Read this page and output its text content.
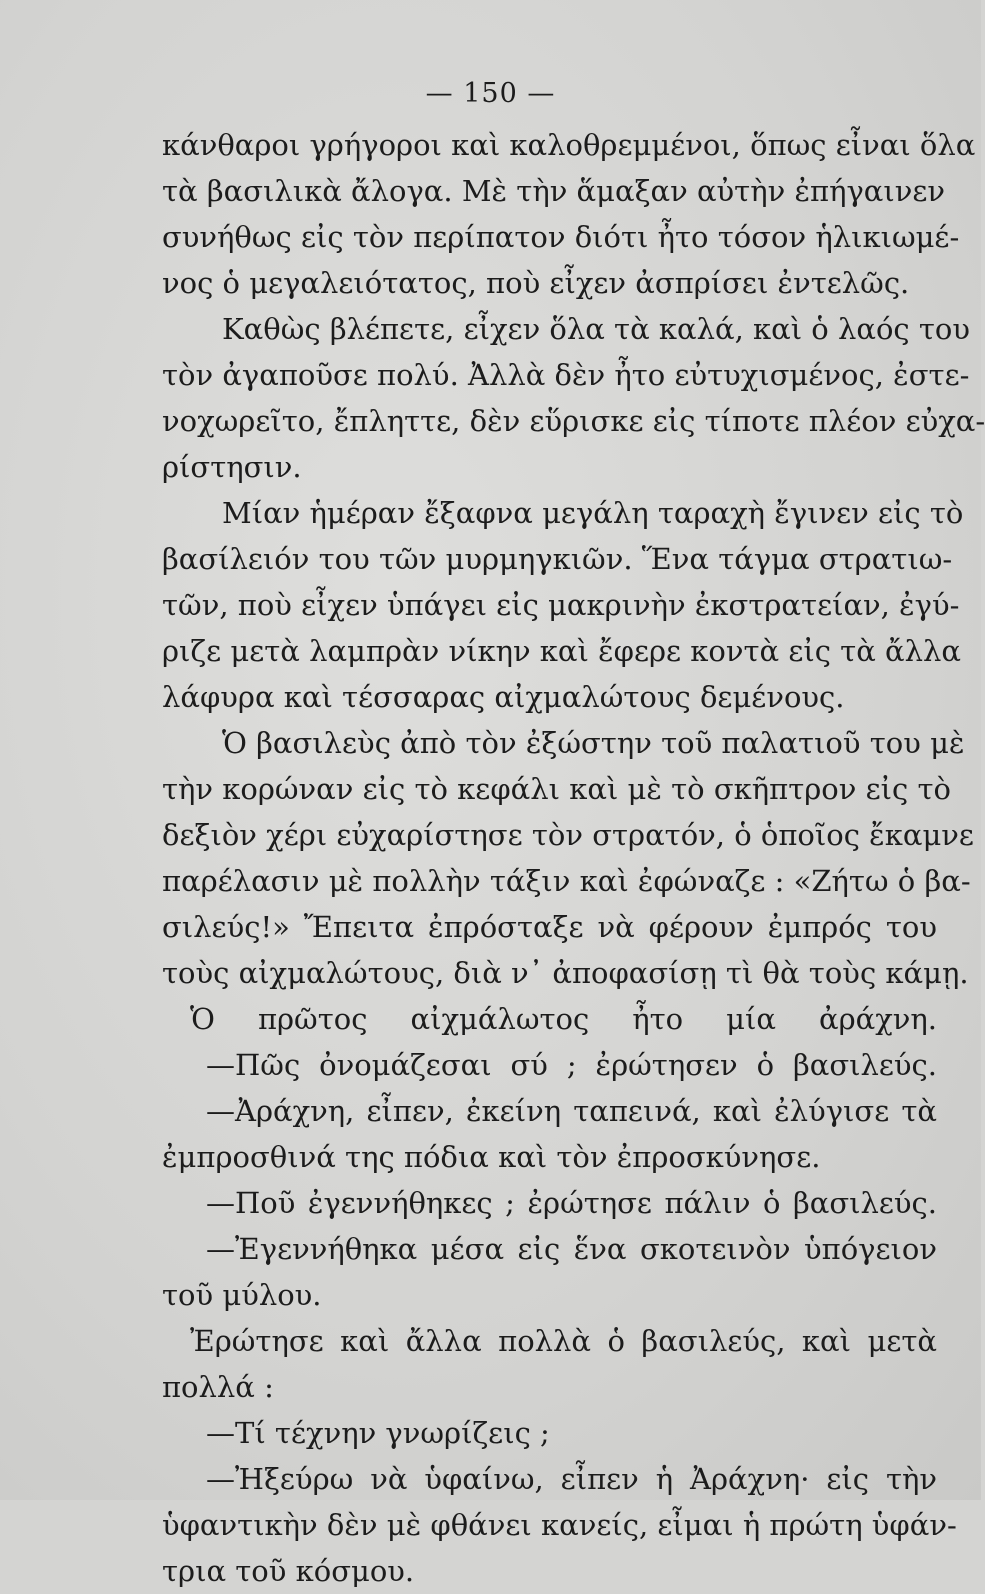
— 150 —
κάνθαροι γρήγοροι καὶ καλοθρεμμένοι, ὅπως εἶναι ὅλα
τὰ βασιλικὰ ἄλογα. Μὲ τὴν ἅμαξαν αὐτὴν ἐπήγαινεν
συνήθως εἰς τὸν περίπατον διότι ἦτο τόσον ἡλικιωμέ-
νος ὁ μεγαλειότατος, ποὺ εἶχεν ἀσπρίσει ἐντελῶς.
Καθὼς βλέπετε, εἶχεν ὅλα τὰ καλά, καὶ ὁ λαός του
τὸν ἀγαποῦσε πολύ. Ἀλλὰ δὲν ἦτο εὐτυχισμένος, ἐστε-
νοχωρεῖτο, ἔπληττε, δὲν εὕρισκε εἰς τίποτε πλέον εὐχα-
ρίστησιν.
Μίαν ἡμέραν ἔξαφνα μεγάλη ταραχὴ ἔγινεν εἰς τὸ
βασίλειόν του τῶν μυρμηγκιῶν. Ἕνα τάγμα στρατιω-
τῶν, ποὺ εἶχεν ὑπάγει εἰς μακρινὴν ἐκστρατείαν, ἐγύ-
ριζε μετὰ λαμπρὰν νίκην καὶ ἔφερε κοντὰ εἰς τὰ ἄλλα
λάφυρα καὶ τέσσαρας αἰχμαλώτους δεμένους.
Ὁ βασιλεὺς ἀπὸ τὸν ἐξώστην τοῦ παλατιοῦ του μὲ
τὴν κορώναν εἰς τὸ κεφάλι καὶ μὲ τὸ σκῆπτρον εἰς τὸ
δεξιὸν χέρι εὐχαρίστησε τὸν στρατόν, ὁ ὁποῖος ἔκαμνε
παρέλασιν μὲ πολλὴν τάξιν καὶ ἐφώναζε : «Ζήτω ὁ βα-
σιλεύς!» Ἔπειτα ἐπρόσταξε νὰ φέρουν ἐμπρός του
τοὺς αἰχμαλώτους, διὰ ν᾿ ἀποφασίσῃ τὶ θὰ τοὺς κάμῃ.
Ὁ πρῶτος αἰχμάλωτος ἦτο μία ἀράχνη.
—Πῶς ὀνομάζεσαι σύ ; ἐρώτησεν ὁ βασιλεύς.
—Ἀράχνη, εἶπεν, ἐκείνη ταπεινά, καὶ ἐλύγισε τὰ
ἐμπροσθινά της πόδια καὶ τὸν ἐπροσκύνησε.
—Ποῦ ἐγεννήθηκες ; ἐρώτησε πάλιν ὁ βασιλεύς.
—Ἐγεννήθηκα μέσα εἰς ἕνα σκοτεινὸν ὑπόγειον
τοῦ μύλου.
Ἐρώτησε καὶ ἄλλα πολλὰ ὁ βασιλεύς, καὶ μετὰ
πολλά :
—Τί τέχνην γνωρίζεις ;
—Ἠξεύρω νὰ ὑφαίνω, εἶπεν ἡ Ἀράχνη· εἰς τὴν
ὑφαντικὴν δὲν μὲ φθάνει κανείς, εἶμαι ἡ πρώτη ὑφάν-
τρια τοῦ κόσμου.
